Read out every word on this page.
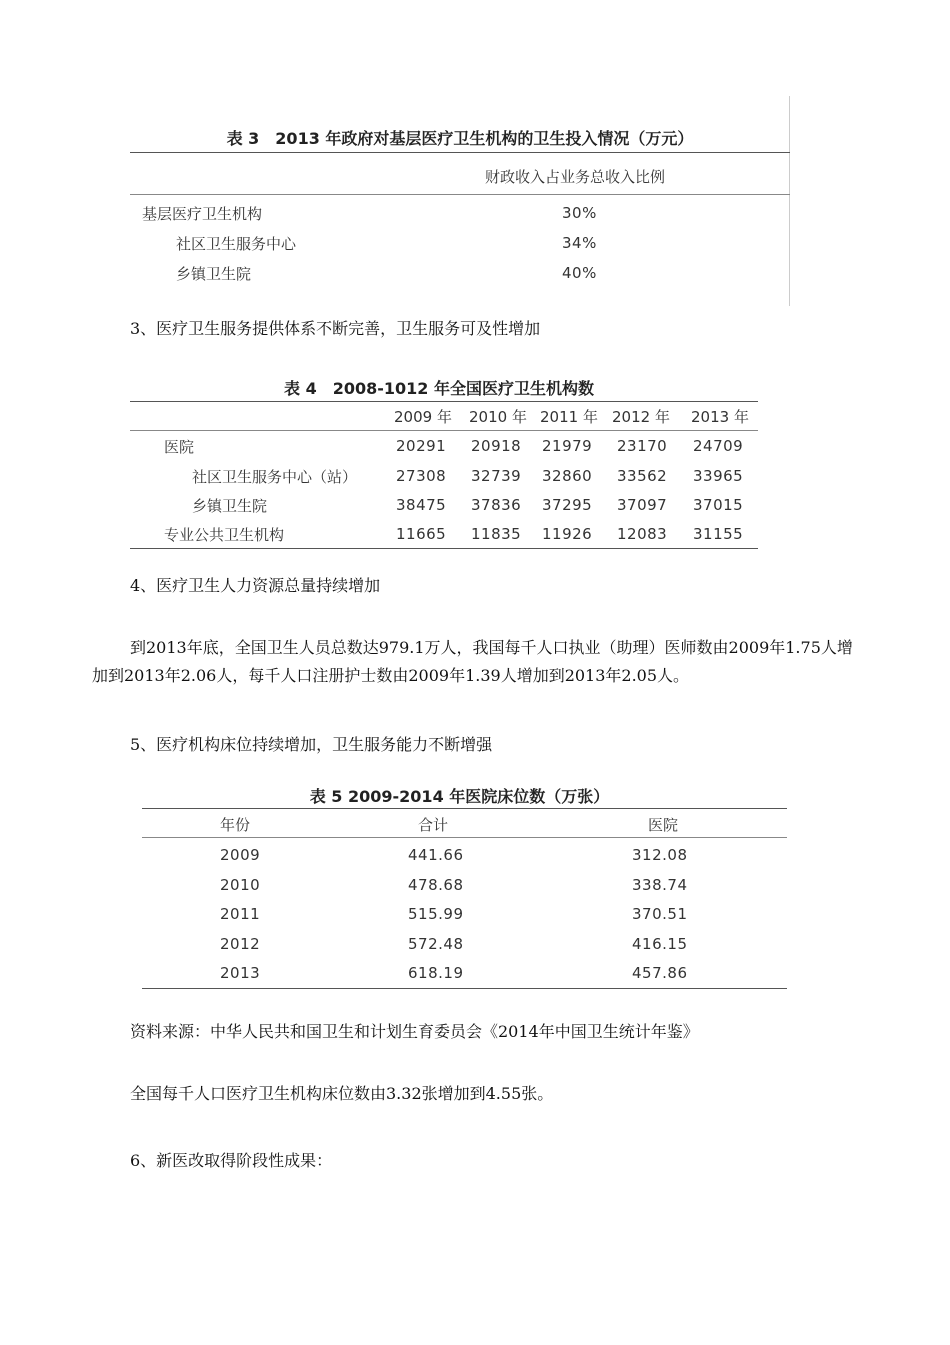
表 3　2013 年政府对基层医疗卫生机构的卫生投入情况（万元）
财政收入占业务总收入比例
基层医疗卫生机构	30%
社区卫生服务中心	34%
乡镇卫生院	40%
3、医疗卫生服务提供体系不断完善，卫生服务可及性增加
表 4　2008-1012 年全国医疗卫生机构数
2009 年 2010 年 2011 年 2012 年 2013 年
医院	20291 20918 21979 23170 24709
社区卫生服务中心（站）	27308 32739 32860 33562 33965
乡镇卫生院	38475 37836 37295 37097 37015
专业公共卫生机构	11665 11835 11926 12083 31155
4、医疗卫生人力资源总量持续增加
到2013年底，全国卫生人员总数达979.1万人，我国每千人口执业（助理）医师数由2009年1.75人增加到2013年2.06人，每千人口注册护士数由2009年1.39人增加到2013年2.05人。
5、医疗机构床位持续增加，卫生服务能力不断增强
表 5 2009-2014 年医院床位数（万张）
年份	合计	医院
2009	441.66	312.08
2010	478.68	338.74
2011	515.99	370.51
2012	572.48	416.15
2013	618.19	457.86
资料来源：中华人民共和国卫生和计划生育委员会《2014年中国卫生统计年鉴》
全国每千人口医疗卫生机构床位数由3.32张增加到4.55张。
6、新医改取得阶段性成果：
